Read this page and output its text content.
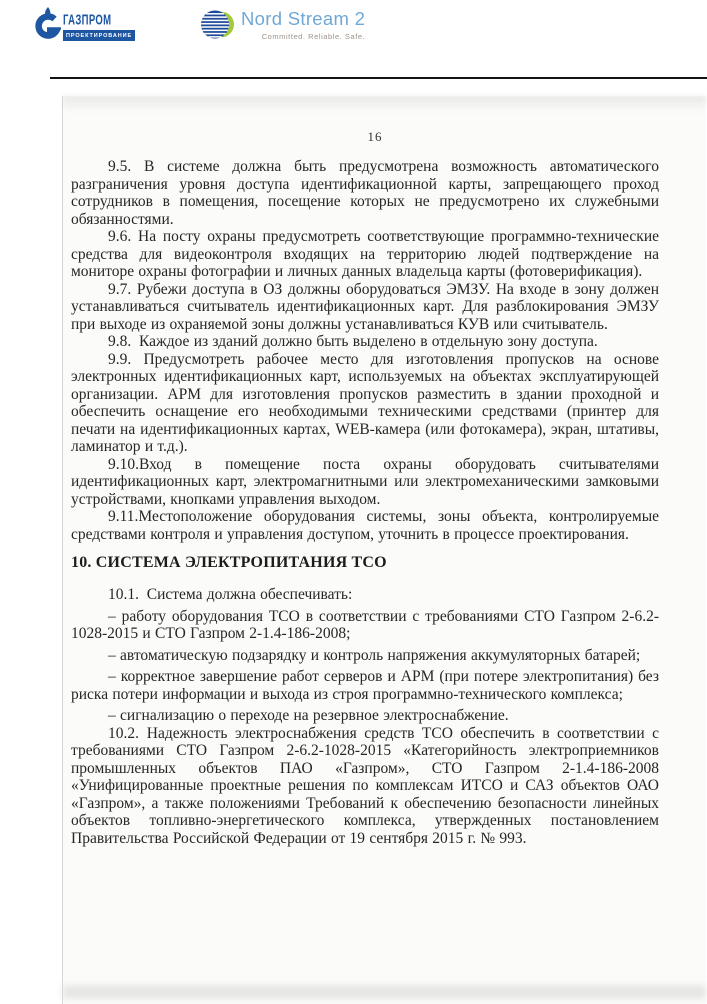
ГАЗПРОМ
ПРОЕКТИРОВАНИЕ
Nord Stream 2
Committed. Reliable. Safe.

16

9.5. В системе должна быть предусмотрена возможность автоматического разграничения уровня доступа идентификационной карты, запрещающего проход сотрудников в помещения, посещение которых не предусмотрено их служебными обязанностями.

9.6. На посту охраны предусмотреть соответствующие программно-технические средства для видеоконтроля входящих на территорию людей подтверждение на мониторе охраны фотографии и личных данных владельца карты (фотоверификация).

9.7. Рубежи доступа в ОЗ должны оборудоваться ЭМЗУ. На входе в зону должен устанавливаться считыватель идентификационных карт. Для разблокирования ЭМЗУ при выходе из охраняемой зоны должны устанавливаться КУВ или считыватель.

9.8. Каждое из зданий должно быть выделено в отдельную зону доступа.

9.9. Предусмотреть рабочее место для изготовления пропусков на основе электронных идентификационных карт, используемых на объектах эксплуатирующей организации. АРМ для изготовления пропусков разместить в здании проходной и обеспечить оснащение его необходимыми техническими средствами (принтер для печати на идентификационных картах, WEB-камера (или фотокамера), экран, штативы, ламинатор и т.д.).

9.10.Вход в помещение поста охраны оборудовать считывателями идентификационных карт, электромагнитными или электромеханическими замковыми устройствами, кнопками управления выходом.

9.11.Местоположение оборудования системы, зоны объекта, контролируемые средствами контроля и управления доступом, уточнить в процессе проектирования.

10. СИСТЕМА ЭЛЕКТРОПИТАНИЯ ТСО

10.1. Система должна обеспечивать:

– работу оборудования ТСО в соответствии с требованиями СТО Газпром 2-6.2-1028-2015 и СТО Газпром 2-1.4-186-2008;

– автоматическую подзарядку и контроль напряжения аккумуляторных батарей;

– корректное завершение работ серверов и АРМ (при потере электропитания) без риска потери информации и выхода из строя программно-технического комплекса;

– сигнализацию о переходе на резервное электроснабжение.

10.2. Надежность электроснабжения средств ТСО обеспечить в соответствии с требованиями СТО Газпром 2-6.2-1028-2015 «Категорийность электроприемников промышленных объектов ПАО «Газпром», СТО Газпром 2-1.4-186-2008 «Унифицированные проектные решения по комплексам ИТСО и САЗ объектов ОАО «Газпром», а также положениями Требований к обеспечению безопасности линейных объектов топливно-энергетического комплекса, утвержденных постановлением Правительства Российской Федерации от 19 сентября 2015 г. № 993.
